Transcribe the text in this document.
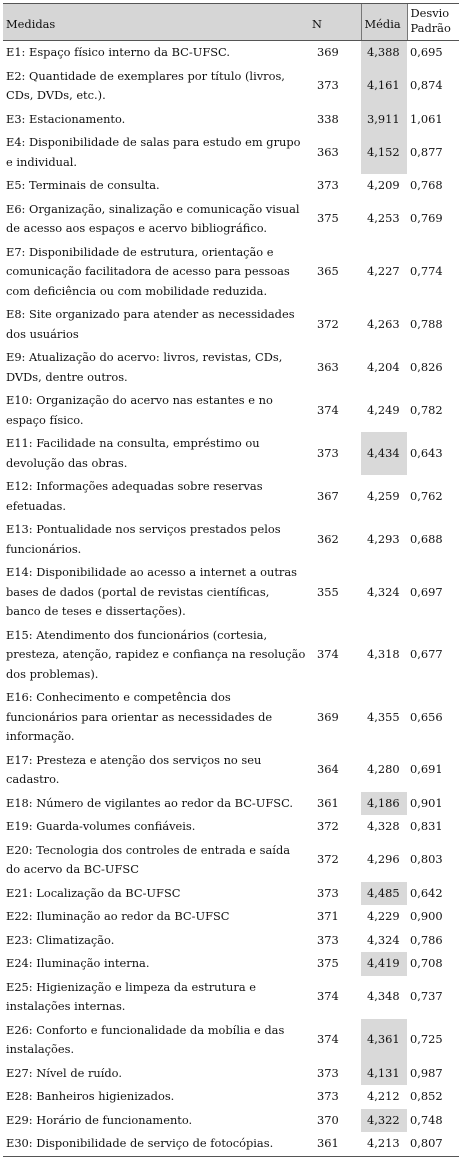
Medidas	N	Média	Desvio
Padrão
E1: Espaço físico interno da BC-UFSC.	369	4,388	0,695
E2: Quantidade de exemplares por título (livros, CDs, DVDs, etc.).	373	4,161	0,874
E3: Estacionamento.	338	3,911	1,061
E4: Disponibilidade de salas para estudo em grupo e individual.	363	4,152	0,877
E5: Terminais de consulta.	373	4,209	0,768
E6: Organização, sinalização e comunicação visual de acesso aos espaços e acervo bibliográfico.	375	4,253	0,769
E7: Disponibilidade de estrutura, orientação e comunicação facilitadora de acesso para pessoas com deficiência ou com mobilidade reduzida.	365	4,227	0,774
E8: Site organizado para atender as necessidades dos usuários	372	4,263	0,788
E9: Atualização do acervo: livros, revistas, CDs, DVDs, dentre outros.	363	4,204	0,826
E10: Organização do acervo nas estantes e no espaço físico.	374	4,249	0,782
E11: Facilidade na consulta, empréstimo ou devolução das obras.	373	4,434	0,643
E12: Informações adequadas sobre reservas efetuadas.	367	4,259	0,762
E13: Pontualidade nos serviços prestados pelos funcionários.	362	4,293	0,688
E14: Disponibilidade ao acesso a internet a outras bases de dados (portal de revistas científicas, banco de teses e dissertações).	355	4,324	0,697
E15: Atendimento dos funcionários (cortesia, presteza, atenção, rapidez e confiança na resolução dos problemas).	374	4,318	0,677
E16: Conhecimento e competência dos funcionários para orientar as necessidades de informação.	369	4,355	0,656
E17: Presteza e atenção dos serviços no seu cadastro.	364	4,280	0,691
E18: Número de vigilantes ao redor da BC-UFSC.	361	4,186	0,901
E19: Guarda-volumes confiáveis.	372	4,328	0,831
E20: Tecnologia dos controles de entrada e saída do acervo da BC-UFSC	372	4,296	0,803
E21: Localização da BC-UFSC	373	4,485	0,642
E22: Iluminação ao redor da BC-UFSC	371	4,229	0,900
E23: Climatização.	373	4,324	0,786
E24: Iluminação interna.	375	4,419	0,708
E25: Higienização e limpeza da estrutura e instalações internas.	374	4,348	0,737
E26: Conforto e funcionalidade da mobília e das instalações.	374	4,361	0,725
E27: Nível de ruído.	373	4,131	0,987
E28: Banheiros higienizados.	373	4,212	0,852
E29: Horário de funcionamento.	370	4,322	0,748
E30: Disponibilidade de serviço de fotocópias.	361	4,213	0,807
